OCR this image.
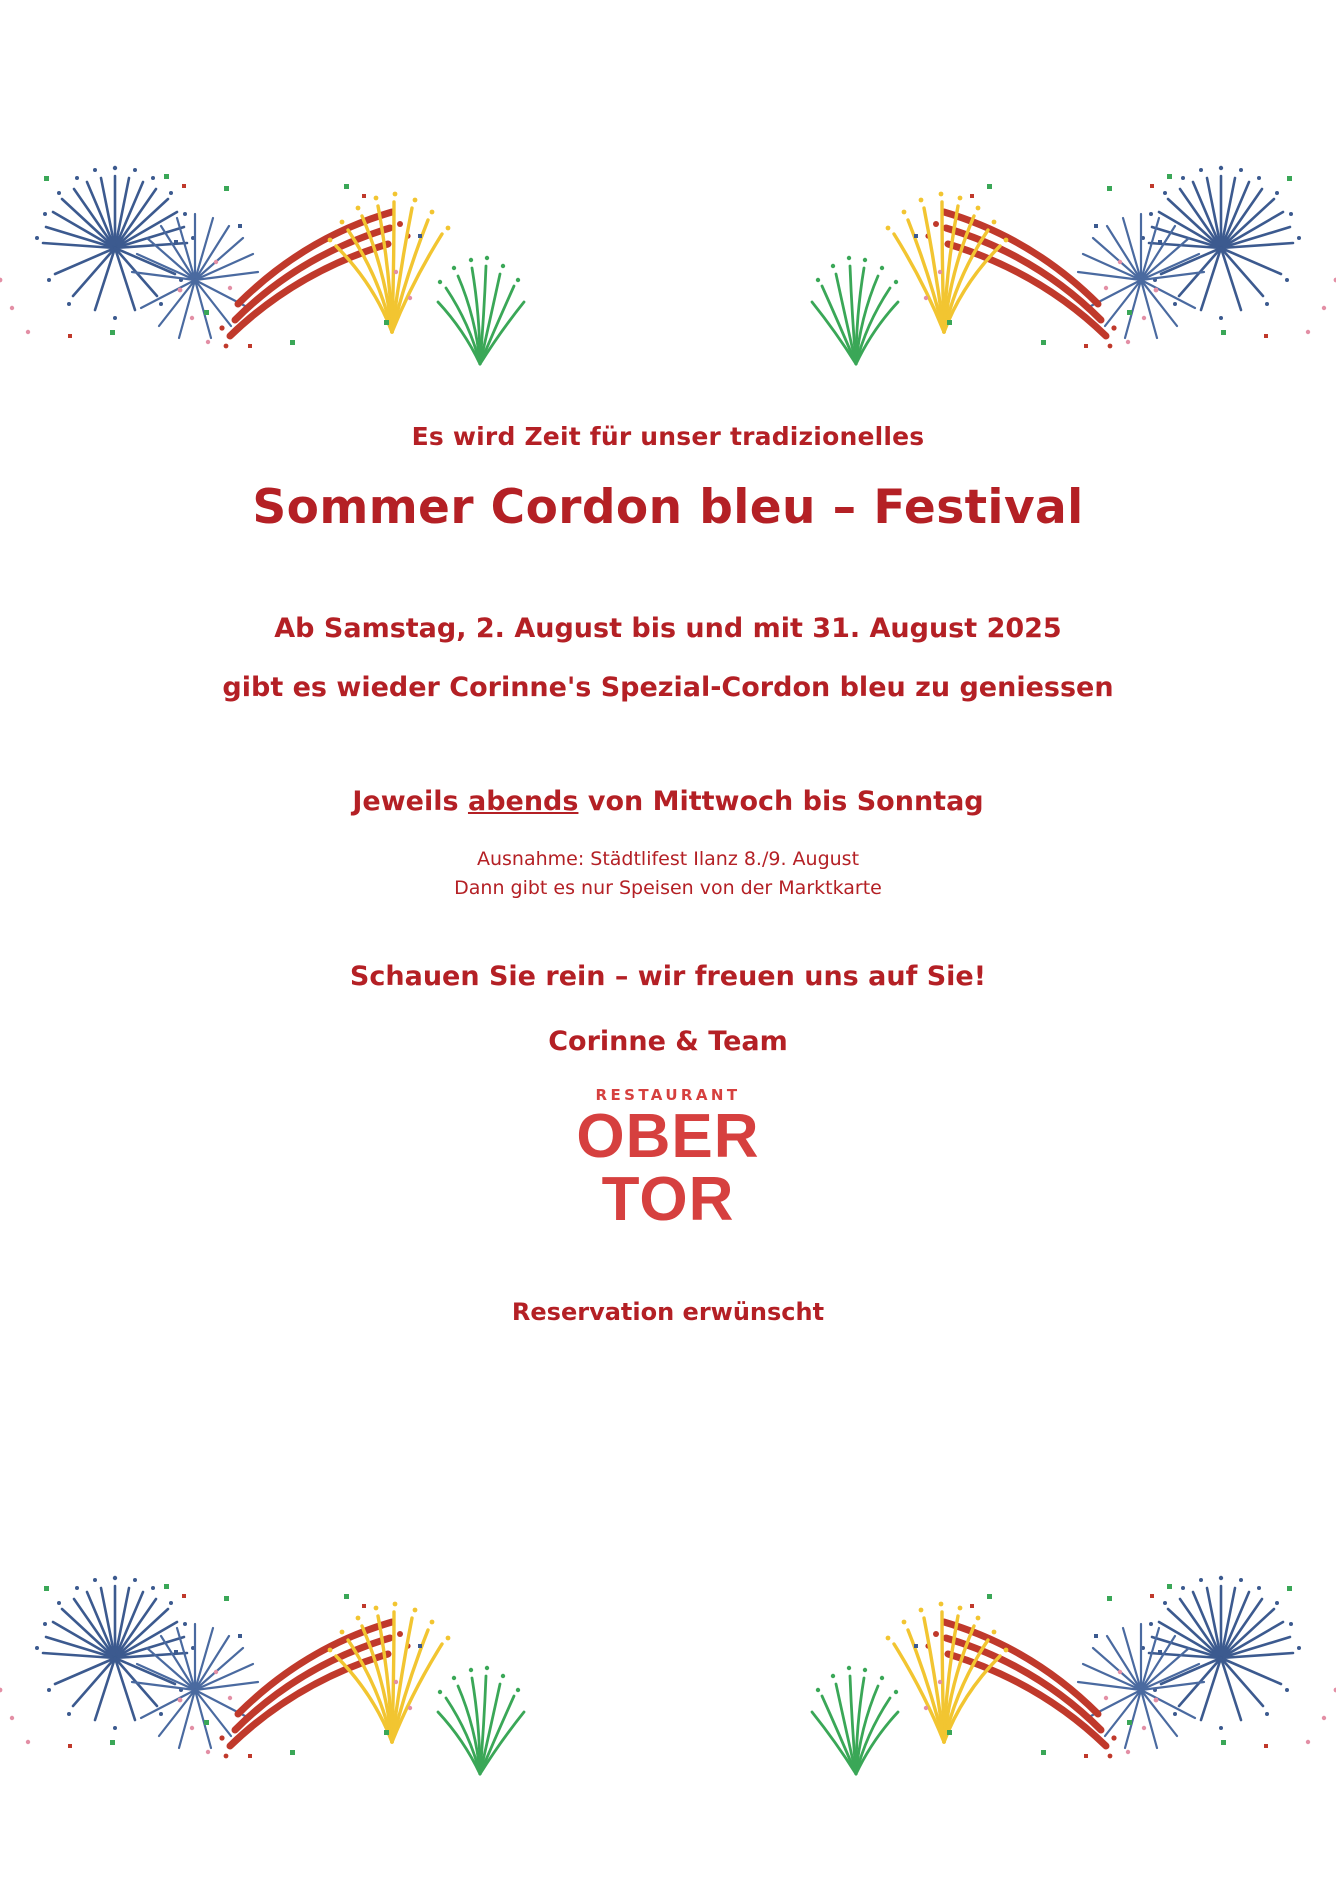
Es wird Zeit für unser tradizionelles
Sommer Cordon bleu – Festival
Ab Samstag, 2. August bis und mit 31. August 2025
gibt es wieder Corinne's Spezial-Cordon bleu zu geniessen
Jeweils abends von Mittwoch bis Sonntag
Ausnahme: Städtlifest Ilanz 8./9. August
Dann gibt es nur Speisen von der Marktkarte
Schauen Sie rein – wir freuen uns auf Sie!
Corinne & Team
RESTAURANT
OBER
TOR
Reservation erwünscht
